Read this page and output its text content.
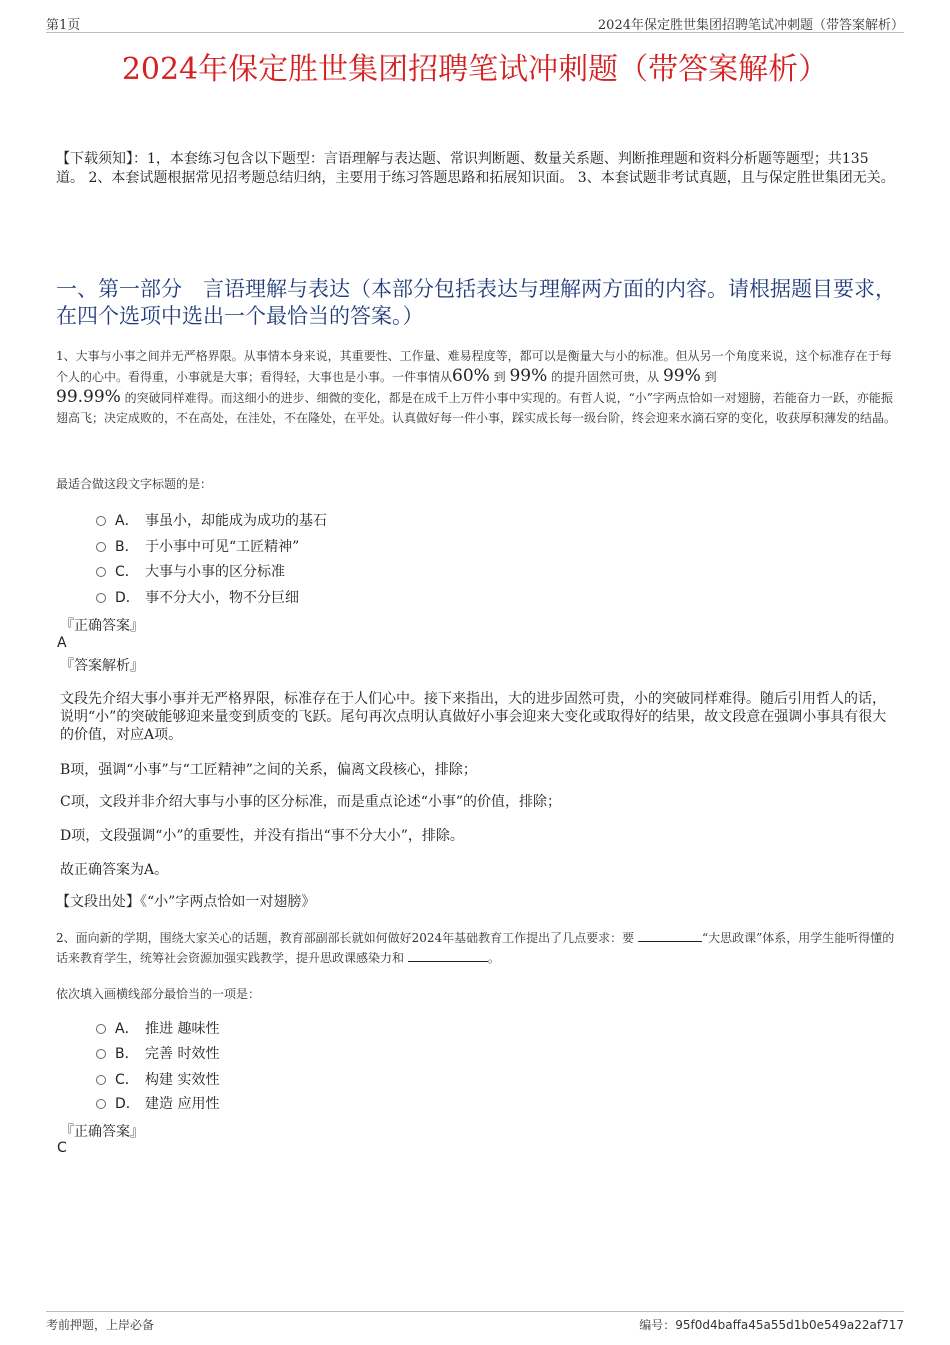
第1页	2024年保定胜世集团招聘笔试冲刺题（带答案解析）
2024年保定胜世集团招聘笔试冲刺题（带答案解析）
【下载须知】：1，本套练习包含以下题型：言语理解与表达题、常识判断题、数量关系题、判断推理题和资料分析题等题型；共135道。 2、本套试题根据常见招考题总结归纳，主要用于练习答题思路和拓展知识面。 3、本套试题非考试真题，且与保定胜世集团无关。
一、第一部分　言语理解与表达（本部分包括表达与理解两方面的内容。请根据题目要求，在四个选项中选出一个最恰当的答案。）
1、大事与小事之间并无严格界限。从事情本身来说，其重要性、工作量、难易程度等，都可以是衡量大与小的标准。但从另一个角度来说，这个标准存在于每个人的心中。看得重，小事就是大事；看得轻，大事也是小事。一件事情从60% 到 99% 的提升固然可贵，从 99% 到
99.99% 的突破同样难得。而这细小的进步、细微的变化，都是在成千上万件小事中实现的。有哲人说，“小”字两点恰如一对翅膀，若能奋力一跃，亦能振翅高飞；决定成败的，不在高处，在洼处，不在隆处，在平处。认真做好每一件小事，踩实成长每一级台阶，终会迎来水滴石穿的变化，收获厚积薄发的结晶。
最适合做这段文字标题的是：
A． 事虽小，却能成为成功的基石
B． 于小事中可见“工匠精神”
C． 大事与小事的区分标准
D． 事不分大小，物不分巨细
『正确答案』
A
『答案解析』
文段先介绍大事小事并无严格界限，标准存在于人们心中。接下来指出，大的进步固然可贵，小的突破同样难得。随后引用哲人的话，说明“小”的突破能够迎来量变到质变的飞跃。尾句再次点明认真做好小事会迎来大变化或取得好的结果，故文段意在强调小事具有很大的价值，对应A项。
B项，强调“小事”与“工匠精神”之间的关系，偏离文段核心，排除；
C项，文段并非介绍大事与小事的区分标准，而是重点论述“小事”的价值，排除；
D项，文段强调“小”的重要性，并没有指出“事不分大小”，排除。
故正确答案为A。
【文段出处】《“小”字两点恰如一对翅膀》
2、面向新的学期，围绕大家关心的话题，教育部副部长就如何做好2024年基础教育工作提出了几点要求：要	“大思政课”体系，用学生能听得懂的话来教育学生，统筹社会资源加强实践教学，提升思政课感染力和	。
依次填入画横线部分最恰当的一项是：
A． 推进 趣味性
B． 完善 时效性
C． 构建 实效性
D． 建造 应用性
『正确答案』
C
考前押题，上岸必备	编号：95f0d4baffa45a55d1b0e549a22af717
